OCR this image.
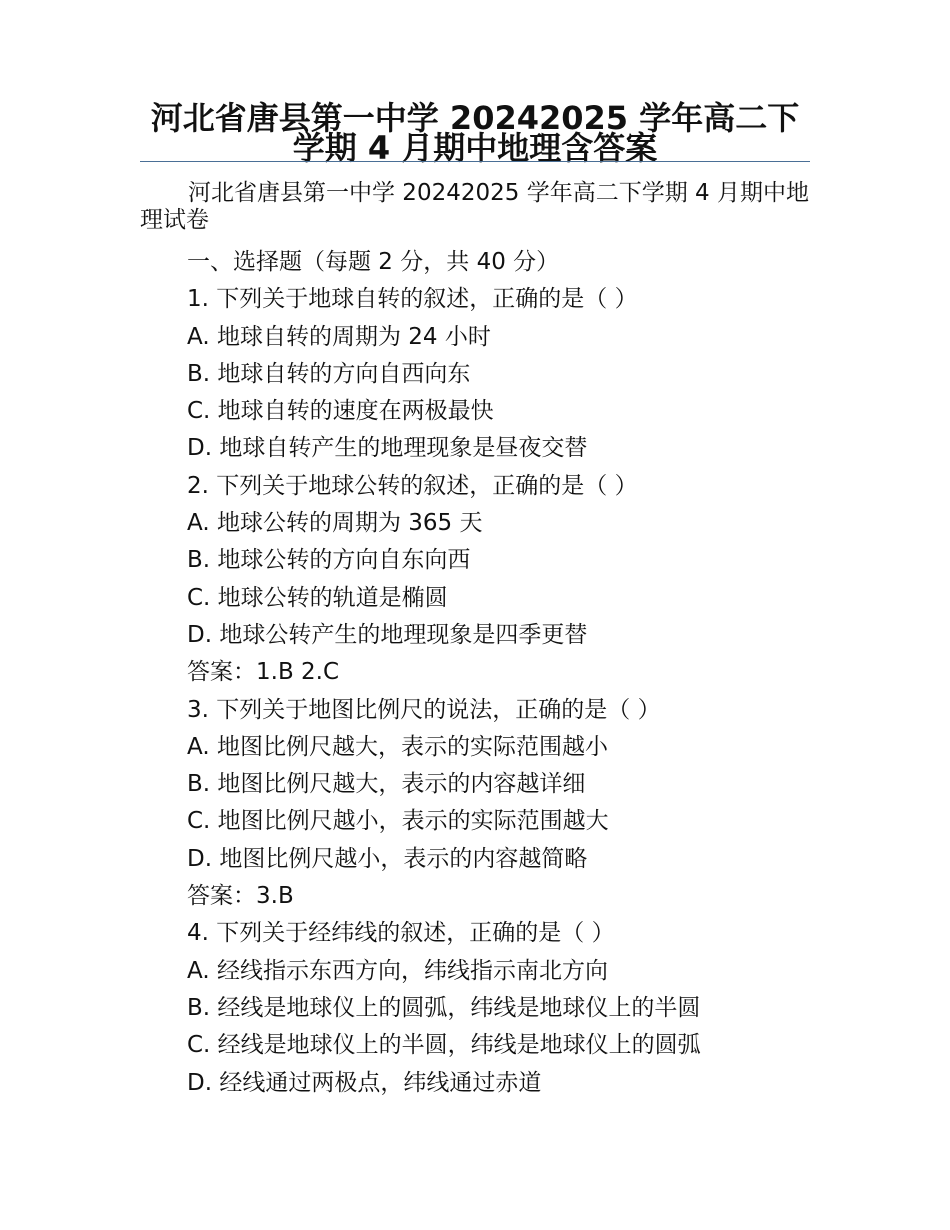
河北省唐县第一中学 20242025 学年高二下学期 4 月期中地理含答案
河北省唐县第一中学 20242025 学年高二下学期 4 月期中地理试卷
一、选择题（每题 2 分，共 40 分）
1. 下列关于地球自转的叙述，正确的是（ ）
A. 地球自转的周期为 24 小时
B. 地球自转的方向自西向东
C. 地球自转的速度在两极最快
D. 地球自转产生的地理现象是昼夜交替
2. 下列关于地球公转的叙述，正确的是（ ）
A. 地球公转的周期为 365 天
B. 地球公转的方向自东向西
C. 地球公转的轨道是椭圆
D. 地球公转产生的地理现象是四季更替
答案：1.B 2.C
3. 下列关于地图比例尺的说法，正确的是（ ）
A. 地图比例尺越大，表示的实际范围越小
B. 地图比例尺越大，表示的内容越详细
C. 地图比例尺越小，表示的实际范围越大
D. 地图比例尺越小，表示的内容越简略
答案：3.B
4. 下列关于经纬线的叙述，正确的是（ ）
A. 经线指示东西方向，纬线指示南北方向
B. 经线是地球仪上的圆弧，纬线是地球仪上的半圆
C. 经线是地球仪上的半圆，纬线是地球仪上的圆弧
D. 经线通过两极点，纬线通过赤道
